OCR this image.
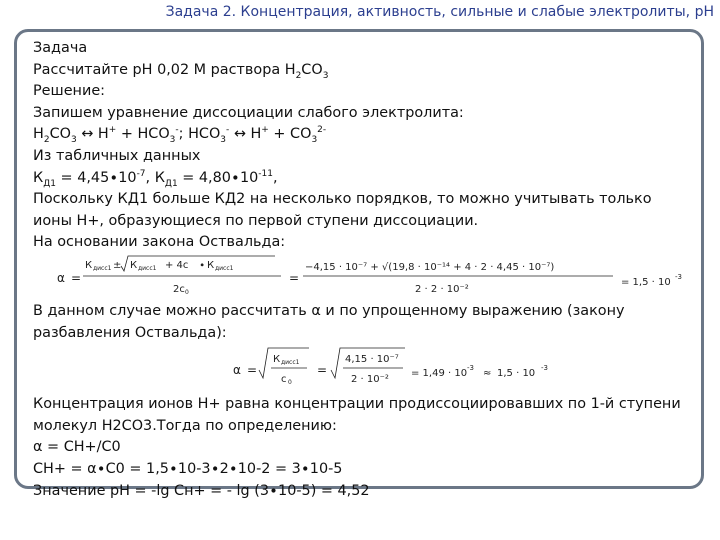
Задача 2. Концентрация, активность, сильные и слабые электролиты, рН
Задача
Рассчитайте рН 0,02 М раствора $Н_2СО_3$
Решение:
Запишем уравнение диссоциации слабого электролита:
$Н_2СО_3$ ↔ $Н^+ + НСО_3^-$; $НСО_3^-$ ↔ $Н^+ + СО_3^{2-}$
Из табличных данных
$К_{Д1} = 4,45\cdot 10^{-7}$, $К_{Д1} = 4,80\cdot 10^{-11}$,
Поскольку КД1 больше КД2 на несколько порядков, то можно учитывать только ионы Н+, образующиеся по первой ступени диссоциации.
На основании закона Оствальда:
α =
К дисс1 ± К дисс1 + 4с ∙ К дисс1
2с 0
=
−4,15 · 10⁻⁷ + √(19,8 · 10⁻¹⁴ + 4 · 2 · 4,45 · 10⁻⁷)
2 · 2 · 10⁻²
= 1,5 · 10 -3
В данном случае можно рассчитать α и по упрощенному выражению (закону разбавления Оствальда):
α =
К дисс1
с 0
=
4,15 · 10⁻⁷
2 · 10⁻²
= 1,49 · 10 -3 ≈ 1,5 · 10 -3
Концентрация ионов Н+ равна концентрации продиссоциировавших по 1-й ступени молекул Н2СО3.Тогда по определению:
α = СН+/С0
СН+ = α∙С0 = 1,5∙10-3∙2∙10-2 = 3∙10-5
Значение рН = -lg Cн+ = - lg (3∙10-5) = 4,52
